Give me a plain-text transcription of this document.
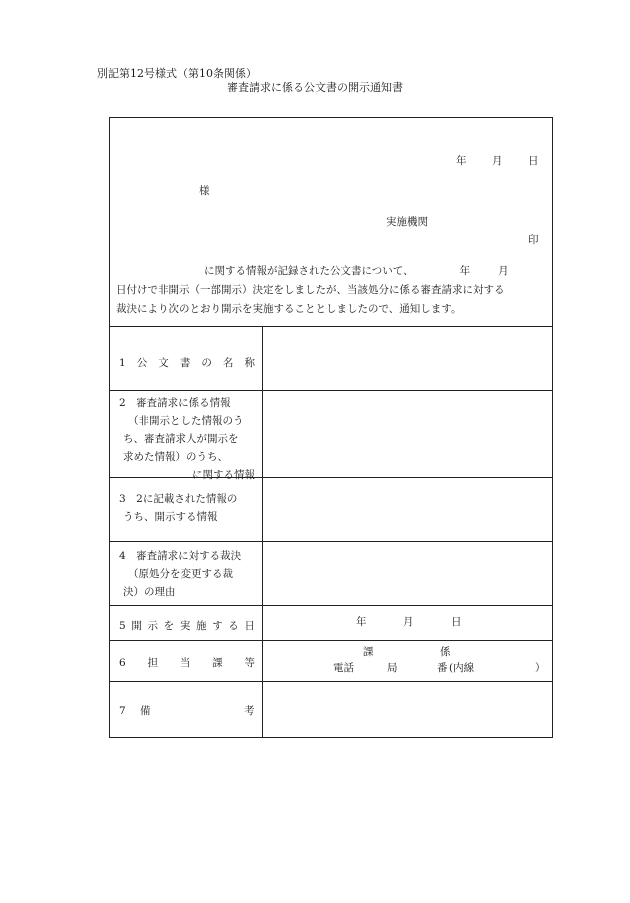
別記第12号様式（第10条関係）
審査請求に係る公文書の開示通知書
年 月 日
様
実施機関
印
に関する情報が記録された公文書について、	年	月
日付けで非開示（一部開示）決定をしましたが、当該処分に係る審査請求に対する
裁決により次のとおり開示を実施することとしましたので、通知します。
1 公 文 書 の 名 称
2　審査請求に係る情報
（非開示とした情報のう
ち、審査請求人が開示を
求めた情報）のうち、
に関する情報
3　2に記載された情報の
うち、開示する情報
4　審査請求に対する裁決
（原処分を変更する裁
決）の理由
5 開 示 を 実 施 す る 日	年	月	日
6 担 当 課 等
課	係
電話	局	番 (内線	）
7 備	考
